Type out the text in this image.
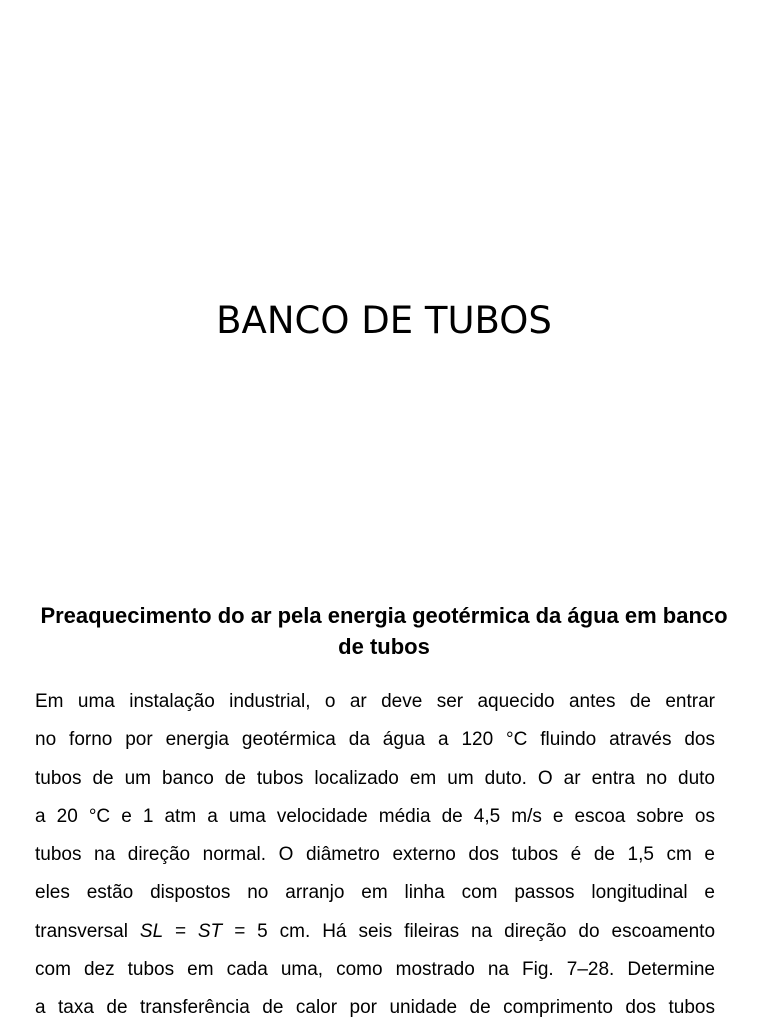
BANCO DE TUBOS
Preaquecimento do ar pela energia geotérmica da água em banco de tubos
Em uma instalação industrial, o ar deve ser aquecido antes de entrar
no forno por energia geotérmica da água a 120 °C fluindo através dos
tubos de um banco de tubos localizado em um duto. O ar entra no duto
a 20 °C e 1 atm a uma velocidade média de 4,5 m/s e escoa sobre os
tubos na direção normal. O diâmetro externo dos tubos é de 1,5 cm e
eles estão dispostos no arranjo em linha com passos longitudinal e
transversal SL = ST = 5 cm. Há seis fileiras na direção do escoamento
com dez tubos em cada uma, como mostrado na Fig. 7–28. Determine
a taxa de transferência de calor por unidade de comprimento dos tubos
